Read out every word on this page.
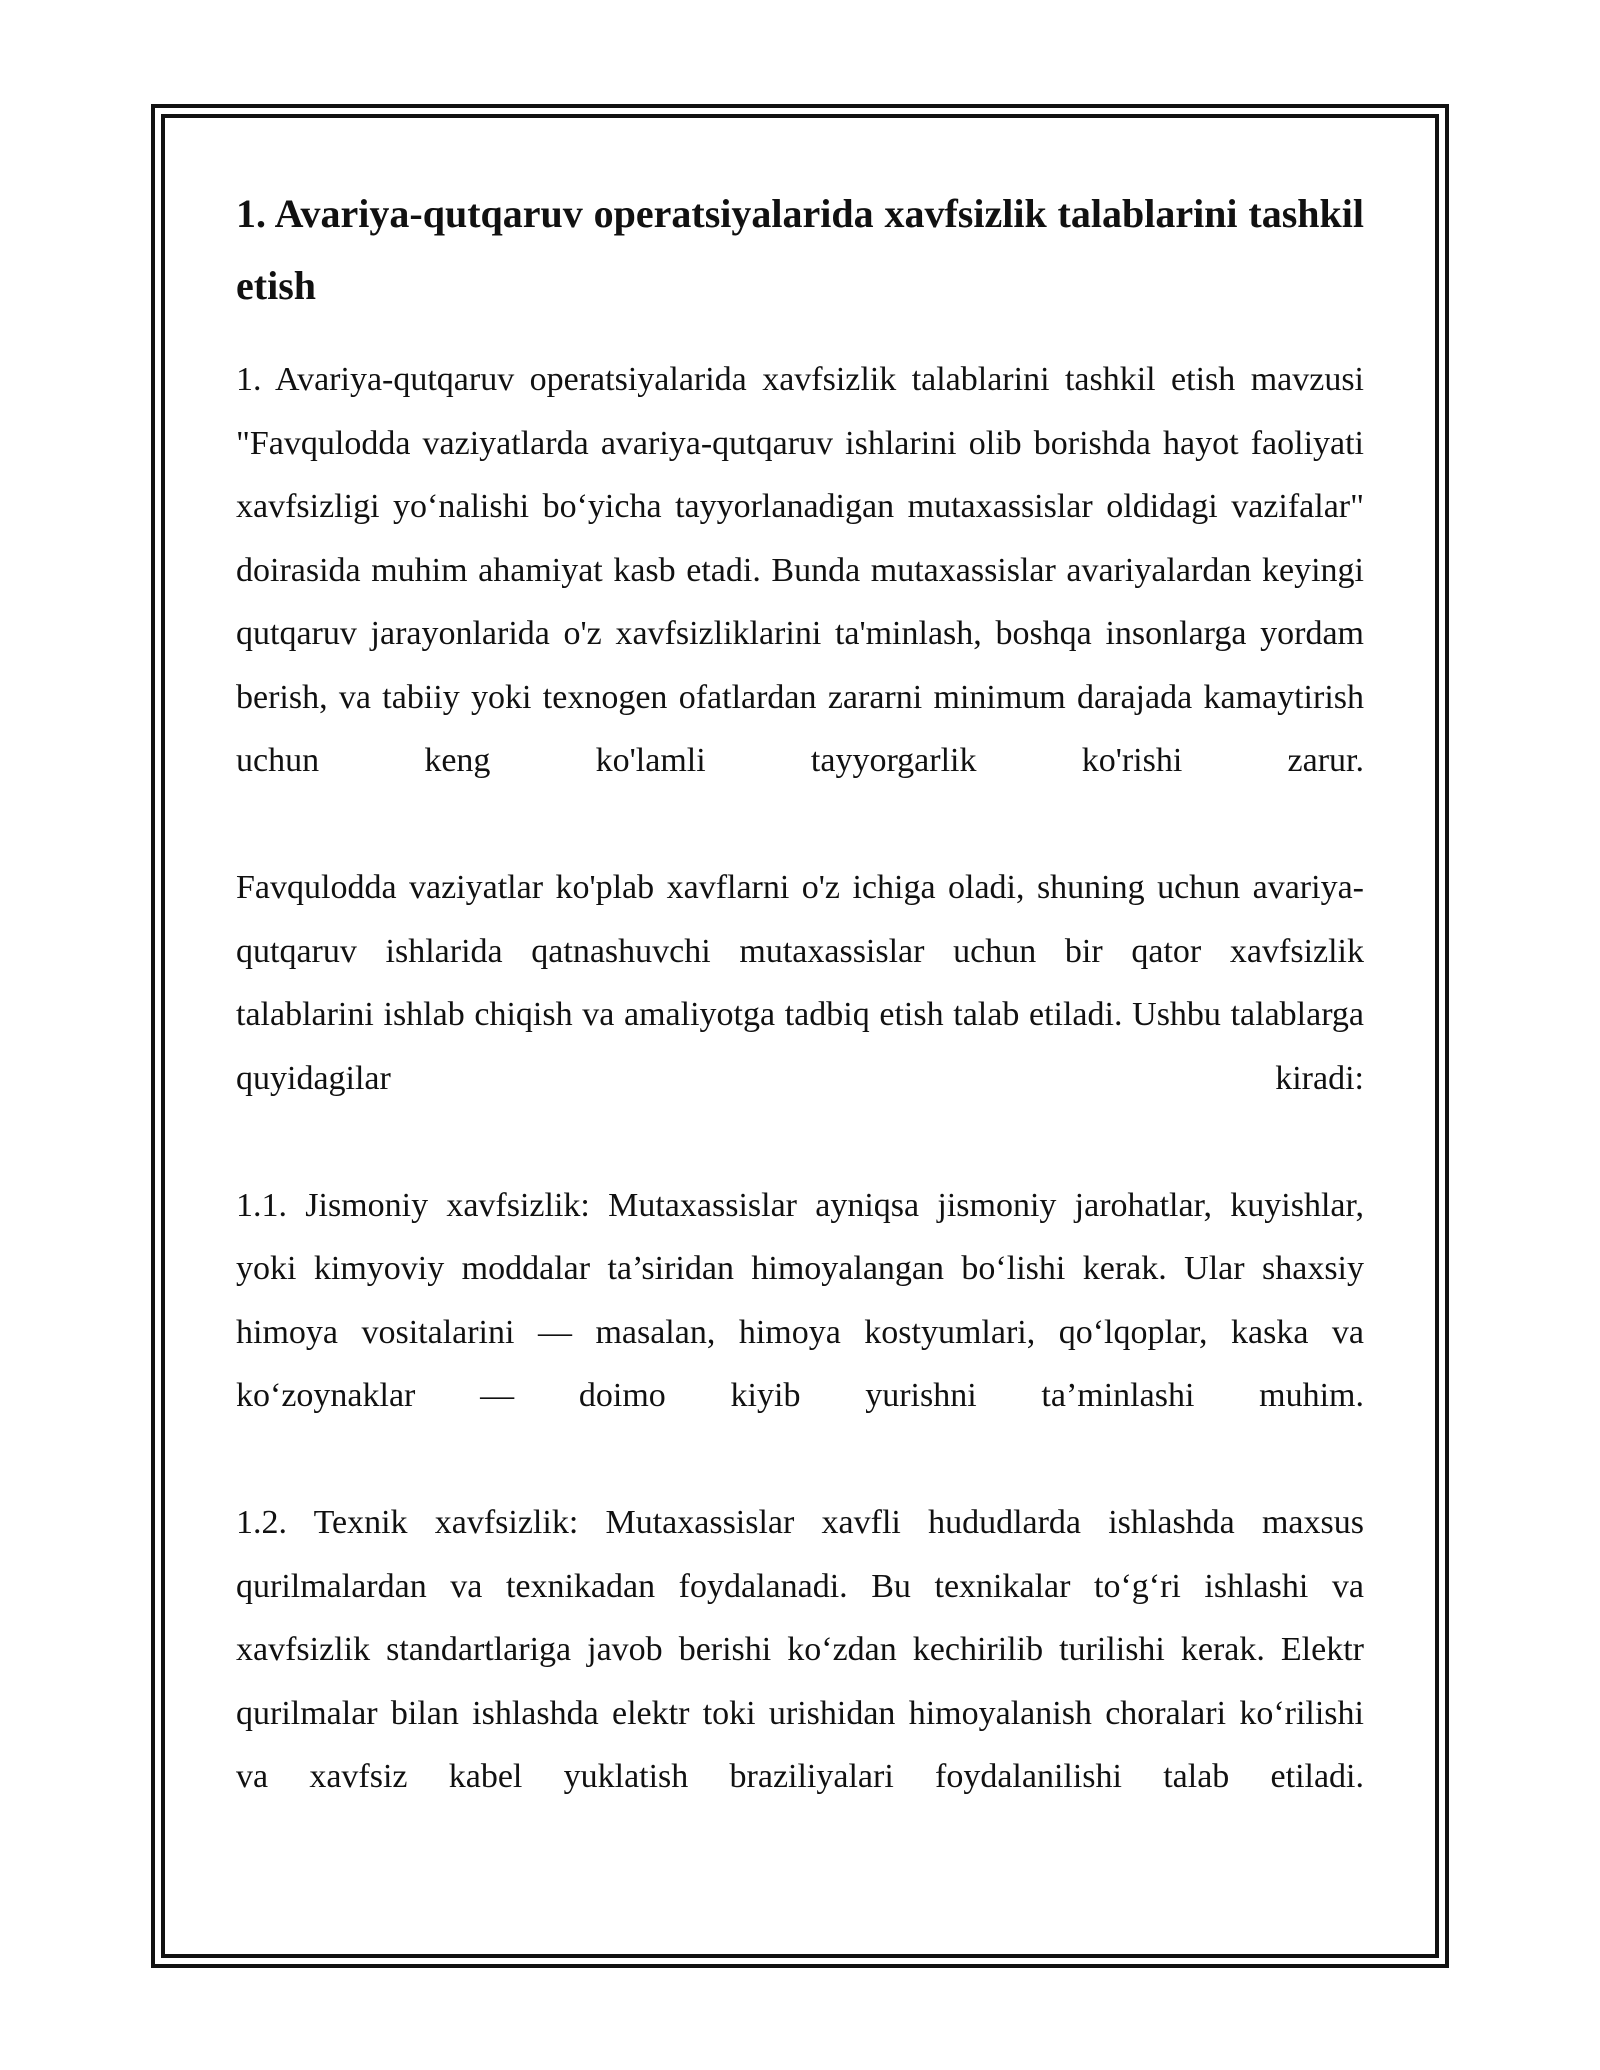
1. Avariya-qutqaruv operatsiyalarida xavfsizlik talablarini tashkil etish

1. Avariya-qutqaruv operatsiyalarida xavfsizlik talablarini tashkil etish mavzusi "Favqulodda vaziyatlarda avariya-qutqaruv ishlarini olib borishda hayot faoliyati xavfsizligi yo‘nalishi bo‘yicha tayyorlanadigan mutaxassislar oldidagi vazifalar" doirasida muhim ahamiyat kasb etadi. Bunda mutaxassislar avariyalardan keyingi qutqaruv jarayonlarida o'z xavfsizliklarini ta'minlash, boshqa insonlarga yordam berish, va tabiiy yoki texnogen ofatlardan zararni minimum darajada kamaytirish uchun keng ko'lamli tayyorgarlik ko'rishi zarur.

Favqulodda vaziyatlar ko'plab xavflarni o'z ichiga oladi, shuning uchun avariya-qutqaruv ishlarida qatnashuvchi mutaxassislar uchun bir qator xavfsizlik talablarini ishlab chiqish va amaliyotga tadbiq etish talab etiladi. Ushbu talablarga quyidagilar kiradi:

1.1. Jismoniy xavfsizlik: Mutaxassislar ayniqsa jismoniy jarohatlar, kuyishlar, yoki kimyoviy moddalar ta’siridan himoyalangan bo‘lishi kerak. Ular shaxsiy himoya vositalarini — masalan, himoya kostyumlari, qo‘lqoplar, kaska va ko‘zoynaklar — doimo kiyib yurishni ta’minlashi muhim.

1.2. Texnik xavfsizlik: Mutaxassislar xavfli hududlarda ishlashda maxsus qurilmalardan va texnikadan foydalanadi. Bu texnikalar to‘g‘ri ishlashi va xavfsizlik standartlariga javob berishi ko‘zdan kechirilib turilishi kerak. Elektr qurilmalar bilan ishlashda elektr toki urishidan himoyalanish choralari ko‘rilishi va xavfsiz kabel yuklatish braziliyalari foydalanilishi talab etiladi.
